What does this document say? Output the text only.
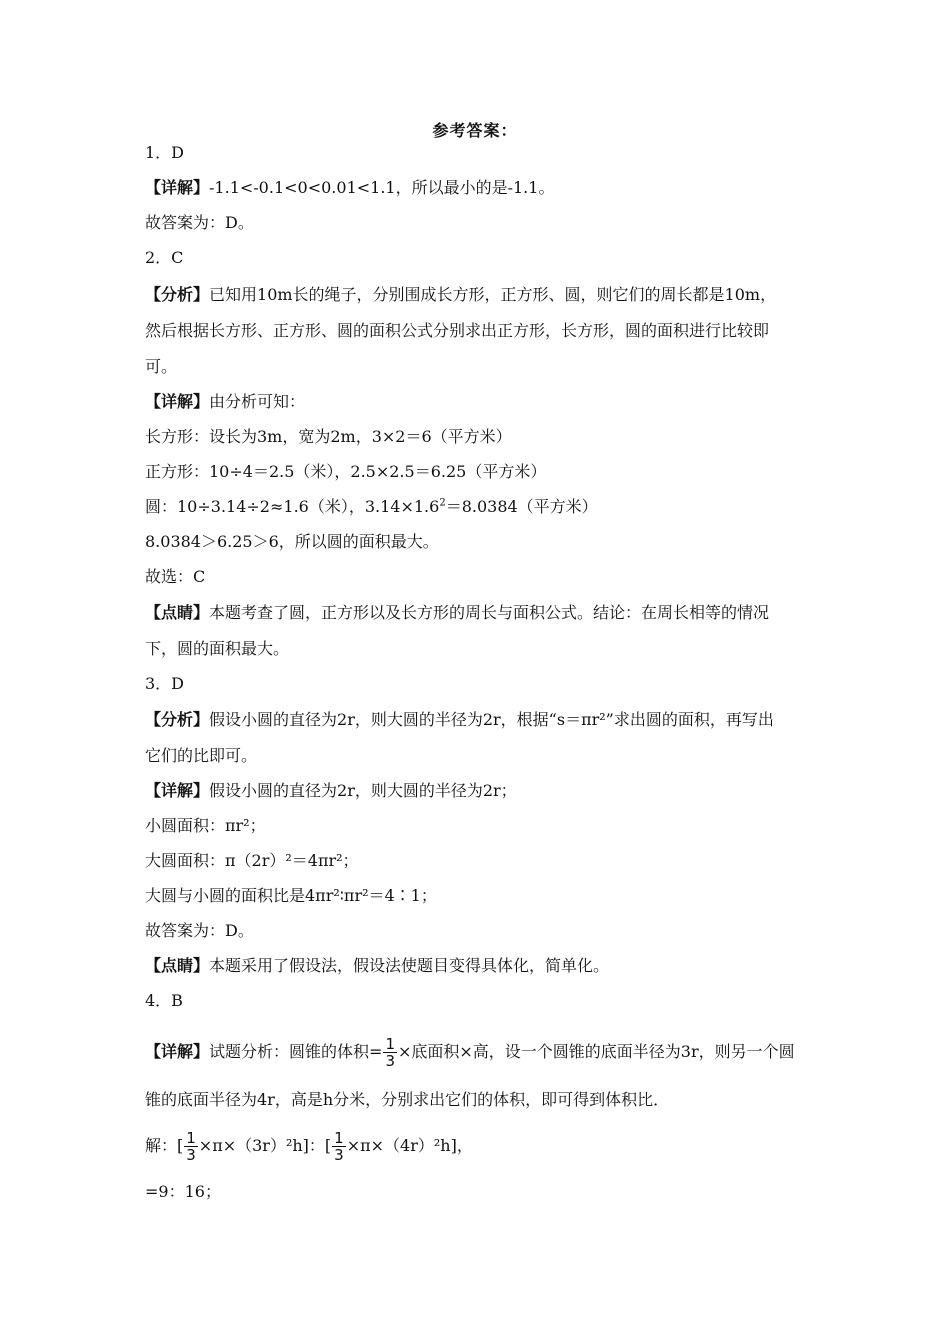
参考答案：
1．D
【详解】-1.1<-0.1<0<0.01<1.1，所以最小的是-1.1。
故答案为：D。
2．C
【分析】已知用10m长的绳子，分别围成长方形，正方形、圆，则它们的周长都是10m，
然后根据长方形、正方形、圆的面积公式分别求出正方形，长方形，圆的面积进行比较即
可。
【详解】由分析可知：
长方形：设长为3m，宽为2m，3×2＝6（平方米）
正方形：10÷4＝2.5（米），2.5×2.5＝6.25（平方米）
圆：10÷3.14÷2≈1.6（米），$3.14\times 1.6^2=8.0384$（平方米）
8.0384＞6.25＞6，所以圆的面积最大。
故选：C
【点睛】本题考查了圆，正方形以及长方形的周长与面积公式。结论：在周长相等的情况
下，圆的面积最大。
3．D
【分析】假设小圆的直径为2r，则大圆的半径为2r，根据“s＝πr²”求出圆的面积，再写出
它们的比即可。
【详解】假设小圆的直径为2r，则大圆的半径为2r；
小圆面积：πr²；
大圆面积：π（2r）²＝4πr²；
大圆与小圆的面积比是4πr²∶πr²＝4∶1；
故答案为：D。
【点睛】本题采用了假设法，假设法使题目变得具体化，简单化。
4．B
【详解】试题分析：圆锥的体积= $\frac{1}{3}$ ×底面积×高，设一个圆锥的底面半径为3r，则另一个圆
锥的底面半径为4r，高是h分米，分别求出它们的体积，即可得到体积比．
解：[ $\frac{1}{3} \times\pi\times(3r)^2h$]：[ $\frac{1}{3} \times\pi\times(4r)^2h$]，
=9：16；
